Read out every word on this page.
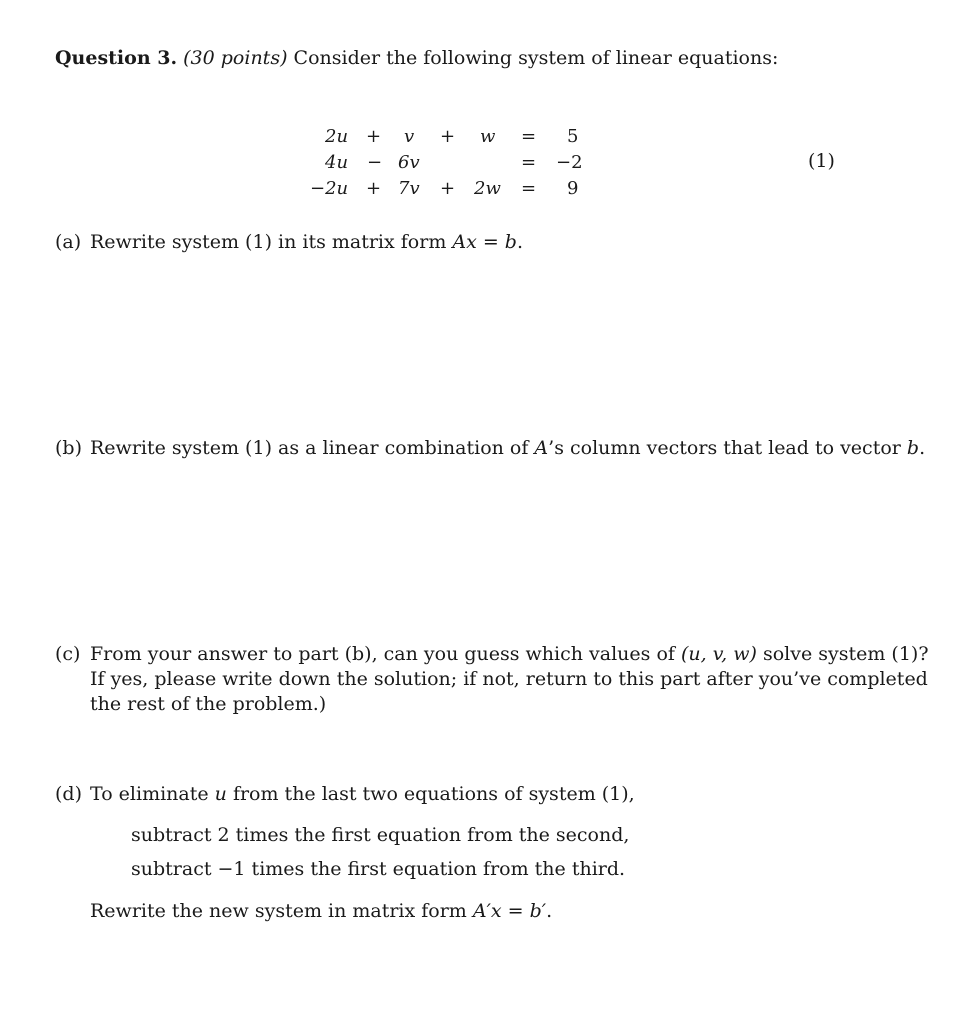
Question 3. (30 points) Consider the following system of linear equations:
2u + v + w = 5
4u − 6v	= −2
−2u + 7v + 2w = 9
(1)
(a) Rewrite system (1) in its matrix form Ax = b.
(b) Rewrite system (1) as a linear combination of A’s column vectors that lead to vector b.
(c) From your answer to part (b), can you guess which values of (u, v, w) solve system (1)?
If yes, please write down the solution; if not, return to this part after you’ve completed
the rest of the problem.)
(d) To eliminate u from the last two equations of system (1),
subtract 2 times the first equation from the second,
subtract −1 times the first equation from the third.
Rewrite the new system in matrix form A′x = b′.
